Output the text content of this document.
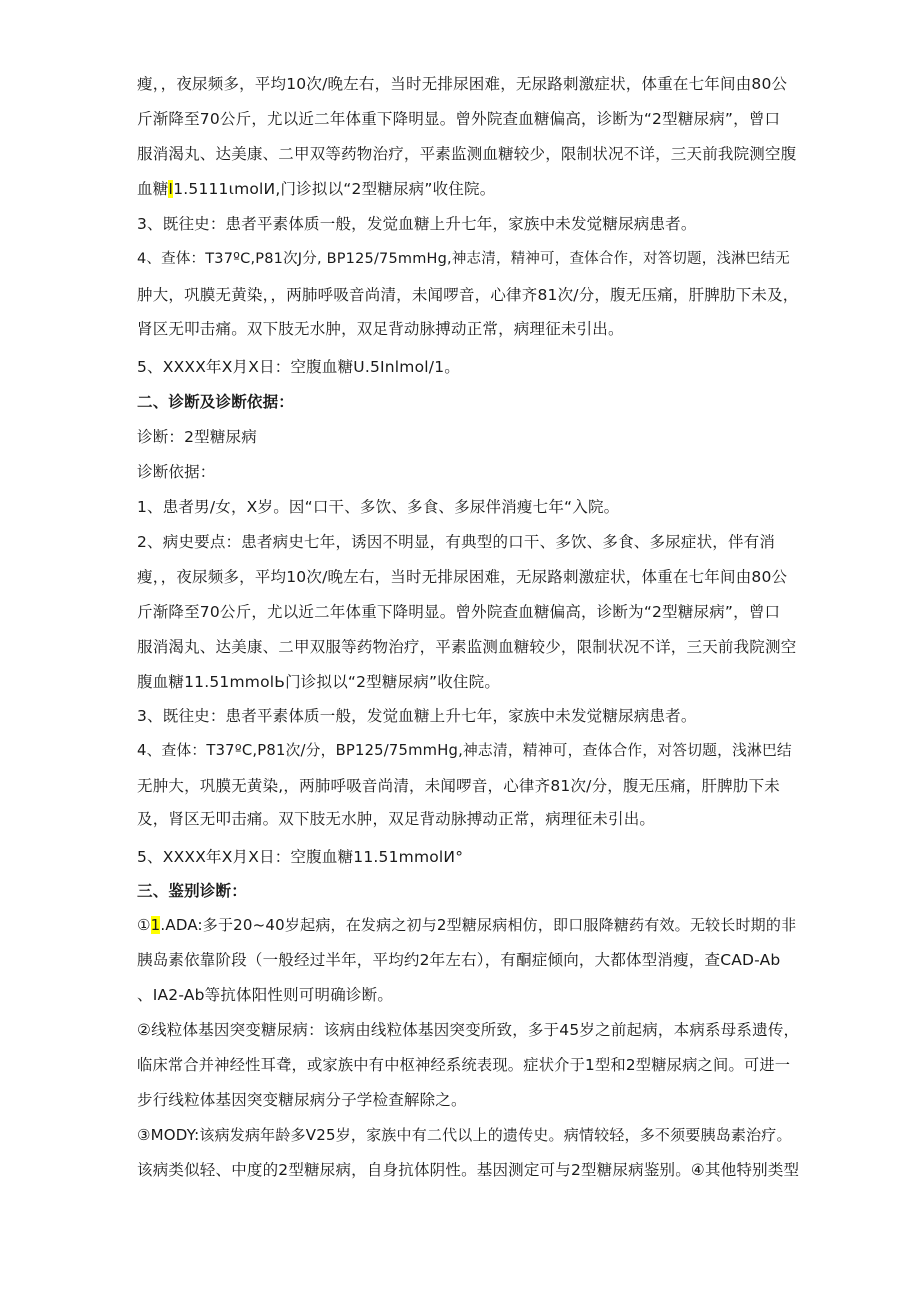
瘦，，夜尿频多，平均10次/晚左右，当时无排尿困难，无尿路刺激症状，体重在七年间由80公
斤渐降至70公斤，尤以近二年体重下降明显。曾外院查血糖偏高，诊断为“2型糖尿病”，曾口
服消渴丸、达美康、二甲双等药物治疗，平素监测血糖较少，限制状况不详，三天前我院测空腹
血糖I1.5111ιmolИ,门诊拟以“2型糖尿病”收住院。
3、既往史：患者平素体质一般，发觉血糖上升七年，家族中未发觉糖尿病患者。
4、查体：T37ºC,P81次J分, BP125/75mmHg,神志清，精神可，查体合作，对答切题，浅淋巴结无
肿大，巩膜无黄染，，两肺呼吸音尚清，未闻啰音，心律齐81次/分，腹无压痛，肝脾肋下未及，
肾区无叩击痛。双下肢无水肿，双足背动脉搏动正常，病理征未引出。
5、XXXX年X月X日：空腹血糖U.5Inlmol/1。
二、诊断及诊断依据：
诊断：2型糖尿病
诊断依据：
1、患者男/女，X岁。因“口干、多饮、多食、多尿伴消瘦七年“入院。
2、病史要点：患者病史七年，诱因不明显，有典型的口干、多饮、多食、多尿症状，伴有消
瘦，，夜尿频多，平均10次/晚左右，当时无排尿困难，无尿路刺激症状，体重在七年间由80公
斤渐降至70公斤，尤以近二年体重下降明显。曾外院查血糖偏高，诊断为“2型糖尿病”，曾口
服消渴丸、达美康、二甲双服等药物治疗，平素监测血糖较少，限制状况不详，三天前我院测空
腹血糖11.51mmolЬ门诊拟以“2型糖尿病”收住院。
3、既往史：患者平素体质一般，发觉血糖上升七年，家族中未发觉糖尿病患者。
4、查体：T37ºC,P81次/分，BP125/75mmHg,神志清，精神可，查体合作，对答切题，浅淋巴结
无肿大，巩膜无黄染,，两肺呼吸音尚清，未闻啰音，心律齐81次/分，腹无压痛，肝脾肋下未
及，肾区无叩击痛。双下肢无水肿，双足背动脉搏动正常，病理征未引出。
5、XXXX年X月X日：空腹血糖11.51mmolИ°
三、鉴别诊断：
①1.ADA:多于20~40岁起病，在发病之初与2型糖尿病相仿，即口服降糖药有效。无较长时期的非
胰岛素依靠阶段（一般经过半年，平均约2年左右），有酮症倾向，大都体型消瘦，查CAD-Ab
、IA2-Ab等抗体阳性则可明确诊断。
②线粒体基因突变糖尿病：该病由线粒体基因突变所致，多于45岁之前起病，本病系母系遗传，
临床常合并神经性耳聋，或家族中有中枢神经系统表现。症状介于1型和2型糖尿病之间。可进一
步行线粒体基因突变糖尿病分子学检查解除之。
③MODY:该病发病年龄多V25岁，家族中有二代以上的遗传史。病情较轻，多不须要胰岛素治疗。
该病类似轻、中度的2型糖尿病，自身抗体阴性。基因测定可与2型糖尿病鉴别。④其他特别类型
